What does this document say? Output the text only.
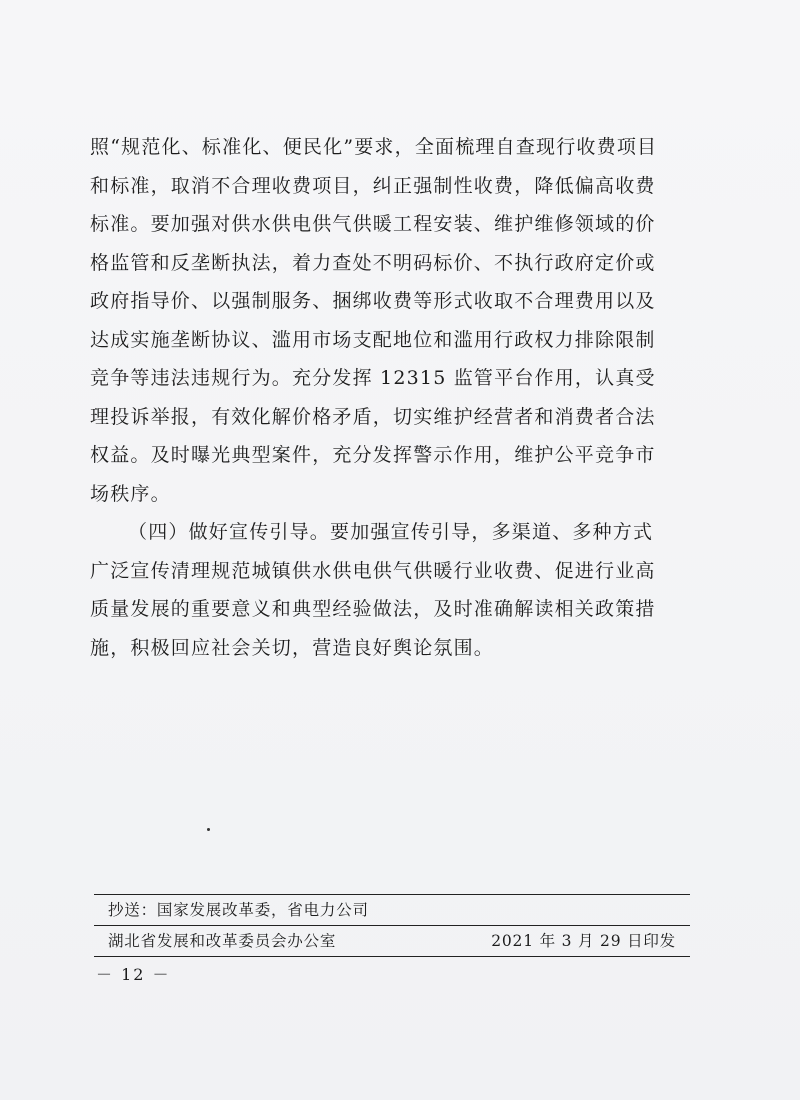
照“规范化、标准化、便民化”要求，全面梳理自查现行收费项目
和标准，取消不合理收费项目，纠正强制性收费，降低偏高收费
标准。要加强对供水供电供气供暖工程安装、维护维修领域的价
格监管和反垄断执法，着力查处不明码标价、不执行政府定价或
政府指导价、以强制服务、捆绑收费等形式收取不合理费用以及
达成实施垄断协议、滥用市场支配地位和滥用行政权力排除限制
竞争等违法违规行为。充分发挥 12315 监管平台作用，认真受
理投诉举报，有效化解价格矛盾，切实维护经营者和消费者合法
权益。及时曝光典型案件，充分发挥警示作用，维护公平竞争市
场秩序。

（四）做好宣传引导。要加强宣传引导，多渠道、多种方式
广泛宣传清理规范城镇供水供电供气供暖行业收费、促进行业高
质量发展的重要意义和典型经验做法，及时准确解读相关政策措
施，积极回应社会关切，营造良好舆论氛围。

抄送：国家发展改革委，省电力公司
湖北省发展和改革委员会办公室	2021 年 3 月 29 日印发
－ 12 －
